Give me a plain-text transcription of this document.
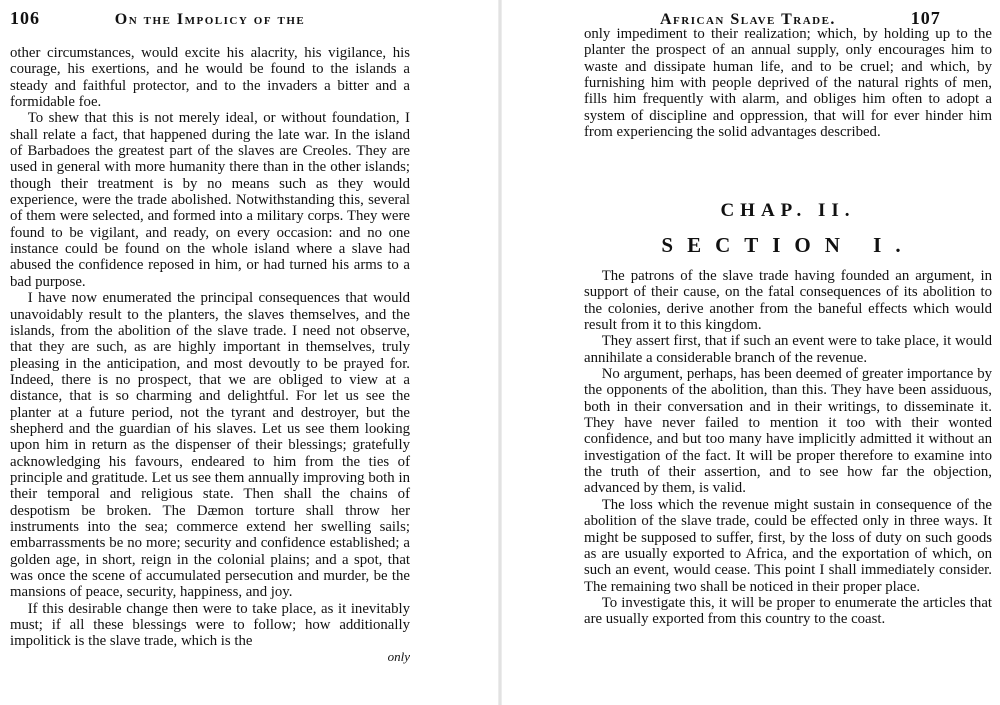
106	On the Impolicy of the

other circumstances, would excite his alacrity, his vigilance, his courage, his exertions, and he would be found to the islands a steady and faithful protector, and to the invaders a bitter and a formidable foe.

To shew that this is not merely ideal, or without foundation, I shall relate a fact, that happened during the late war. In the island of Barbadoes the greatest part of the slaves are Creoles. They are used in general with more humanity there than in the other islands; though their treatment is by no means such as they would experience, were the trade abolished. Notwithstanding this, several of them were selected, and formed into a military corps. They were found to be vigilant, and ready, on every occasion: and no one instance could be found on the whole island where a slave had abused the confidence reposed in him, or had turned his arms to a bad purpose.

I have now enumerated the principal consequences that would unavoidably result to the planters, the slaves themselves, and the islands, from the abolition of the slave trade. I need not observe, that they are such, as are highly important in themselves, truly pleasing in the anticipation, and most devoutly to be prayed for. Indeed, there is no prospect, that we are obliged to view at a distance, that is so charming and delightful. For let us see the planter at a future period, not the tyrant and destroyer, but the shepherd and the guardian of his slaves. Let us see them looking upon him in return as the dispenser of their blessings; gratefully acknowledging his favours, endeared to him from the ties of principle and gratitude. Let us see them annually improving both in their temporal and religious state. Then shall the chains of despotism be broken. The Dæmon torture shall throw her instruments into the sea; commerce extend her swelling sails; embarrassments be no more; security and confidence established; a golden age, in short, reign in the colonial plains; and a spot, that was once the scene of accumulated persecution and murder, be the mansions of peace, security, happiness, and joy.

If this desirable change then were to take place, as it inevitably must; if all these blessings were to follow; how additionally impolitick is the slave trade, which is the

only
African Slave Trade.	107

only impediment to their realization; which, by holding up to the planter the prospect of an annual supply, only encourages him to waste and dissipate human life, and to be cruel; and which, by furnishing him with people deprived of the natural rights of men, fills him frequently with alarm, and obliges him often to adopt a system of discipline and oppression, that will for ever hinder him from experiencing the solid advantages described.

CHAP. II.
SECTION I.

The patrons of the slave trade having founded an argument, in support of their cause, on the fatal consequences of its abolition to the colonies, derive another from the baneful effects which would result from it to this kingdom.

They assert first, that if such an event were to take place, it would annihilate a considerable branch of the revenue.

No argument, perhaps, has been deemed of greater importance by the opponents of the abolition, than this. They have been assiduous, both in their conversation and in their writings, to disseminate it. They have never failed to mention it too with their wonted confidence, and but too many have implicitly admitted it without an investigation of the fact. It will be proper therefore to examine into the truth of their assertion, and to see how far the objection, advanced by them, is valid.

The loss which the revenue might sustain in consequence of the abolition of the slave trade, could be effected only in three ways. It might be supposed to suffer, first, by the loss of duty on such goods as are usually exported to Africa, and the exportation of which, on such an event, would cease. This point I shall immediately consider. The remaining two shall be noticed in their proper place.

To investigate this, it will be proper to enumerate the articles that are usually exported from this country to the coast.
